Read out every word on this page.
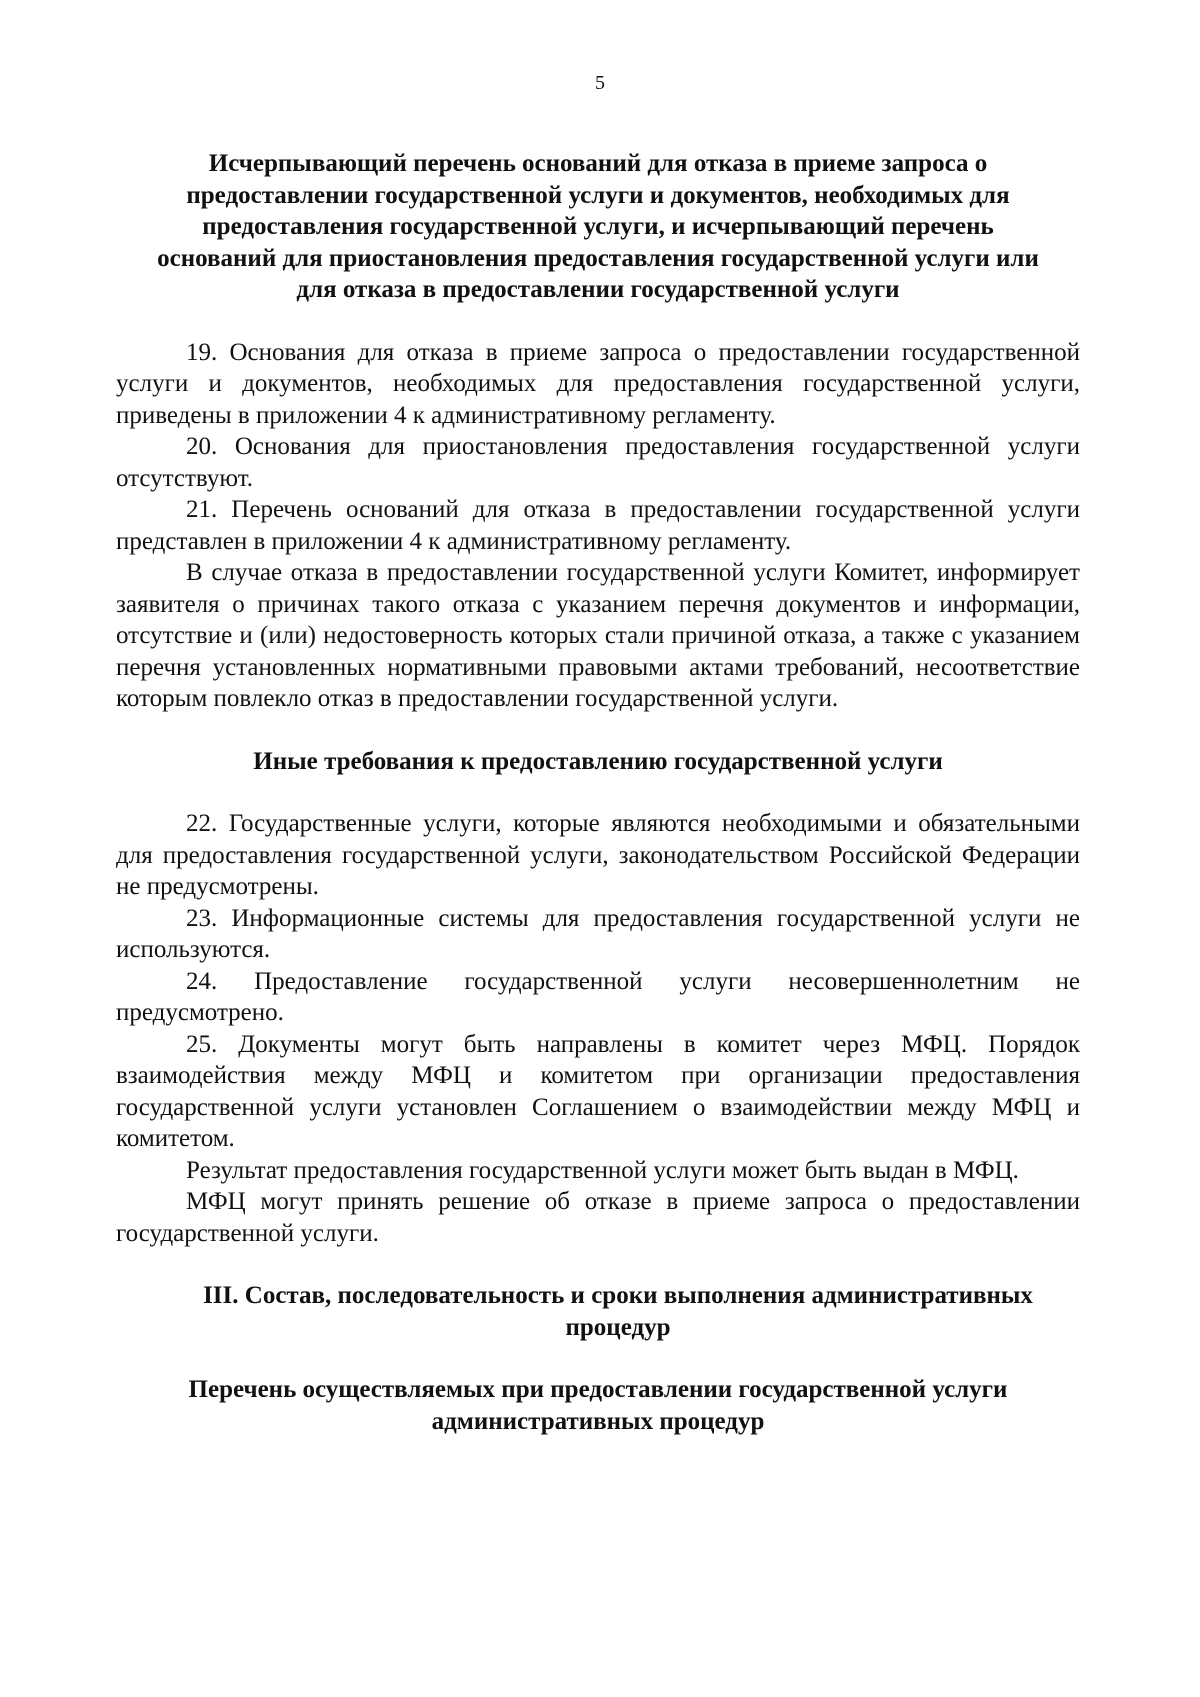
5
Исчерпывающий перечень оснований для отказа в приеме запроса о предоставлении государственной услуги и документов, необходимых для предоставления государственной услуги, и исчерпывающий перечень оснований для приостановления предоставления государственной услуги или для отказа в предоставлении государственной услуги

19. Основания для отказа в приеме запроса о предоставлении государственной услуги и документов, необходимых для предоставления государственной услуги, приведены в приложении 4 к административному регламенту.

20. Основания для приостановления предоставления государственной услуги отсутствуют.

21. Перечень оснований для отказа в предоставлении государственной услуги представлен в приложении 4 к административному регламенту.

В случае отказа в предоставлении государственной услуги Комитет, информирует заявителя о причинах такого отказа с указанием перечня документов и информации, отсутствие и (или) недостоверность которых стали причиной отказа, а также с указанием перечня установленных нормативными правовыми актами требований, несоответствие которым повлекло отказ в предоставлении государственной услуги.

Иные требования к предоставлению государственной услуги

22. Государственные услуги, которые являются необходимыми и обязательными для предоставления государственной услуги, законодательством Российской Федерации не предусмотрены.

23. Информационные системы для предоставления государственной услуги не используются.

24. Предоставление государственной услуги несовершеннолетним не предусмотрено.

25. Документы могут быть направлены в комитет через МФЦ. Порядок взаимодействия между МФЦ и комитетом при организации предоставления государственной услуги установлен Соглашением о взаимодействии между МФЦ и комитетом.

Результат предоставления государственной услуги может быть выдан в МФЦ.

МФЦ могут принять решение об отказе в приеме запроса о предоставлении государственной услуги.

III. Состав, последовательность и сроки выполнения административных процедур
Перечень осуществляемых при предоставлении государственной услуги административных процедур
